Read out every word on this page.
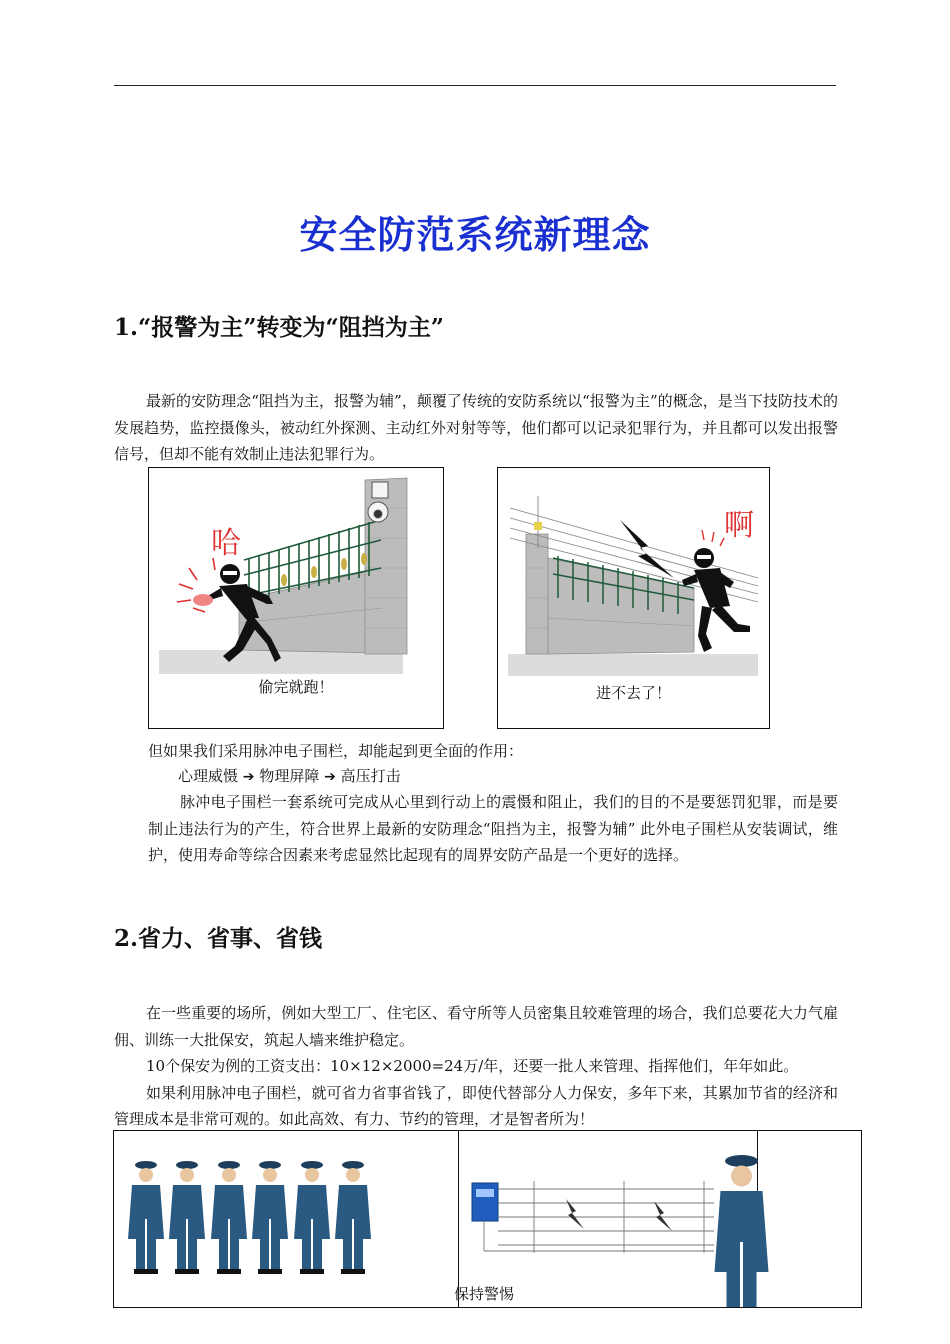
安全防范系统新理念
1.“报警为主”转变为“阻挡为主”

最新的安防理念“阻挡为主，报警为辅”，颠覆了传统的安防系统以“报警为主”的概念，是当下技防技术的发展趋势，监控摄像头，被动红外探测、主动红外对射等等，他们都可以记录犯罪行为，并且都可以发出报警信号，但却不能有效制止违法犯罪行为。

哈
偷完就跑！
啊
进不去了！
但如果我们采用脉冲电子围栏，却能起到更全面的作用：
心理威慑 ➔ 物理屏障 ➔ 高压打击

脉冲电子围栏一套系统可完成从心里到行动上的震慑和阻止，我们的目的不是要惩罚犯罪，而是要制止违法行为的产生，符合世界上最新的安防理念“阻挡为主，报警为辅” 此外电子围栏从安装调试，维护，使用寿命等综合因素来考虑显然比起现有的周界安防产品是一个更好的选择。

2.省力、省事、省钱

在一些重要的场所，例如大型工厂、住宅区、看守所等人员密集且较难管理的场合，我们总要花大力气雇佣、训练一大批保安，筑起人墙来维护稳定。

10个保安为例的工资支出：10×12×2000=24万/年，还要一批人来管理、指挥他们，年年如此。

如果利用脉冲电子围栏，就可省力省事省钱了，即使代替部分人力保安，多年下来，其累加节省的经济和管理成本是非常可观的。如此高效、有力、节约的管理，才是智者所为！

保持警惕
